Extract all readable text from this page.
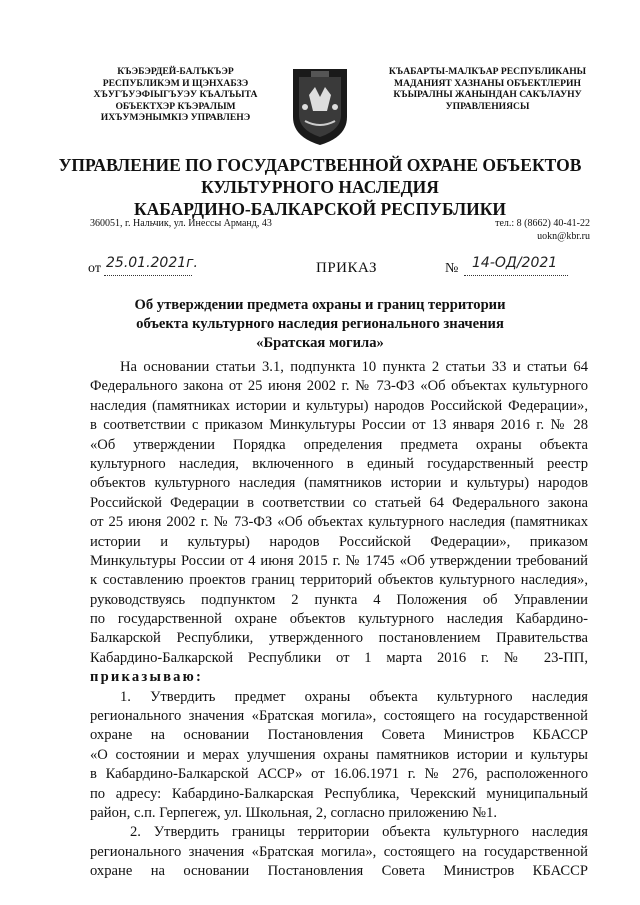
КЪЭБЭРДЕЙ-БАЛЪКЪЭР
РЕСПУБЛИКЭМ И ЩЭНХАБЗЭ
ХЪУГЪУЭФIЫГЪУЭУ КЪАЛЪЫТА
ОБЪЕКТХЭР КЪЭРАЛЫМ
ИХЪУМЭНЫМКIЭ УПРАВЛЕНЭ
КЪАБАРТЫ-МАЛКЪАР РЕСПУБЛИКАНЫ
МАДАНИЯТ ХАЗНАНЫ ОБЪЕКТЛЕРИН
КЪЫРАЛНЫ ЖАНЫНДАН САКЪЛАУНУ
УПРАВЛЕНИЯСЫ
УПРАВЛЕНИЕ ПО ГОСУДАРСТВЕННОЙ ОХРАНЕ ОБЪЕКТОВ
КУЛЬТУРНОГО НАСЛЕДИЯ
КАБАРДИНО-БАЛКАРСКОЙ РЕСПУБЛИКИ
360051, г. Нальчик, ул. Инессы Арманд, 43	тел.: 8 (8662) 40-41-22
uokn@kbr.ru
от 25.01.2021г.	ПРИКАЗ	№ 14-ОД/2021
Об утверждении предмета охраны и границ территории
объекта культурного наследия регионального значения
«Братская могила»
На основании статьи 3.1, подпункта 10 пункта 2 статьи 33 и статьи 64
Федерального закона от 25 июня 2002 г. № 73-ФЗ «Об объектах культурного
наследия (памятниках истории и культуры) народов Российской Федерации»,
в соответствии с приказом Минкультуры России от 13 января 2016 г. № 28
«Об утверждении Порядка определения предмета охраны объекта
культурного наследия, включенного в единый государственный реестр
объектов культурного наследия (памятников истории и культуры) народов
Российской Федерации в соответствии со статьей 64 Федерального закона
от 25 июня 2002 г. № 73-ФЗ «Об объектах культурного наследия (памятниках
истории и культуры) народов Российской Федерации», приказом
Минкультуры России от 4 июня 2015 г. № 1745 «Об утверждении требований
к составлению проектов границ территорий объектов культурного наследия»,
руководствуясь подпунктом 2 пункта 4 Положения об Управлении
по государственной охране объектов культурного наследия Кабардино-
Балкарской Республики, утвержденного постановлением Правительства
Кабардино-Балкарской Республики от 1 марта 2016 г. № 23-ПП,
приказываю:
1. Утвердить предмет охраны объекта культурного наследия
регионального значения «Братская могила», состоящего на государственной
охране на основании Постановления Совета Министров КБАССР
«О состоянии и мерах улучшения охраны памятников истории и культуры
в Кабардино-Балкарской АССР» от 16.06.1971 г. № 276, расположенного
по адресу: Кабардино-Балкарская Республика, Черекский муниципальный
район, с.п. Герпегеж, ул. Школьная, 2, согласно приложению №1.
2. Утвердить границы территории объекта культурного наследия
регионального значения «Братская могила», состоящего на государственной
охране на основании Постановления Совета Министров КБАССР
